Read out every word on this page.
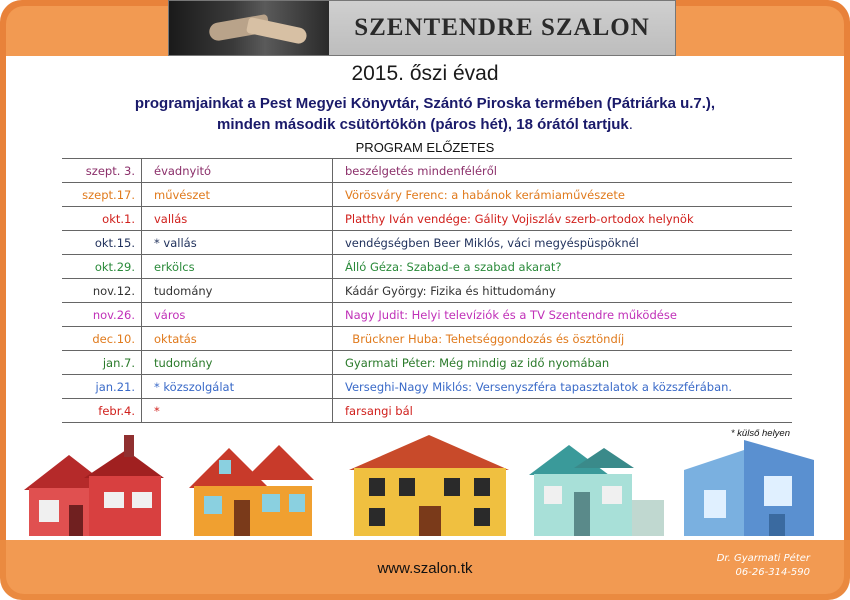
SZENTENDRE SZALON
2015. őszi évad
programjainkat a Pest Megyei Könyvtár, Szántó Piroska termében (Pátriárka u.7.),
minden második csütörtökön (páros hét), 18 órától tartjuk.
PROGRAM ELŐZETES
szept. 3.	évadnyitó	beszélgetés mindenféléről
szept.17.	művészet	Vörösváry Ferenc: a habánok kerámiaművészete
okt.1.	vallás	Platthy Iván vendége: Gálity Vojiszláv szerb-ortodox helynök
okt.15.	* vallás	vendégségben Beer Miklós, váci megyéspüspöknél
okt.29.	erkölcs	Álló Géza: Szabad-e a szabad akarat?
nov.12.	tudomány	Kádár György: Fizika és hittudomány
nov.26.	város	Nagy Judit: Helyi televíziók és a TV Szentendre működése
dec.10.	oktatás	Brückner Huba: Tehetséggondozás és ösztöndíj
jan.7.	tudomány	Gyarmati Péter: Még mindig az idő nyomában
jan.21.	* közszolgálat	Verseghi-Nagy Miklós: Versenyszféra tapasztalatok a közszférában.
febr.4.	*	farsangi bál
* külső helyen
www.szalon.tk
Dr. Gyarmati Péter
06-26-314-590
